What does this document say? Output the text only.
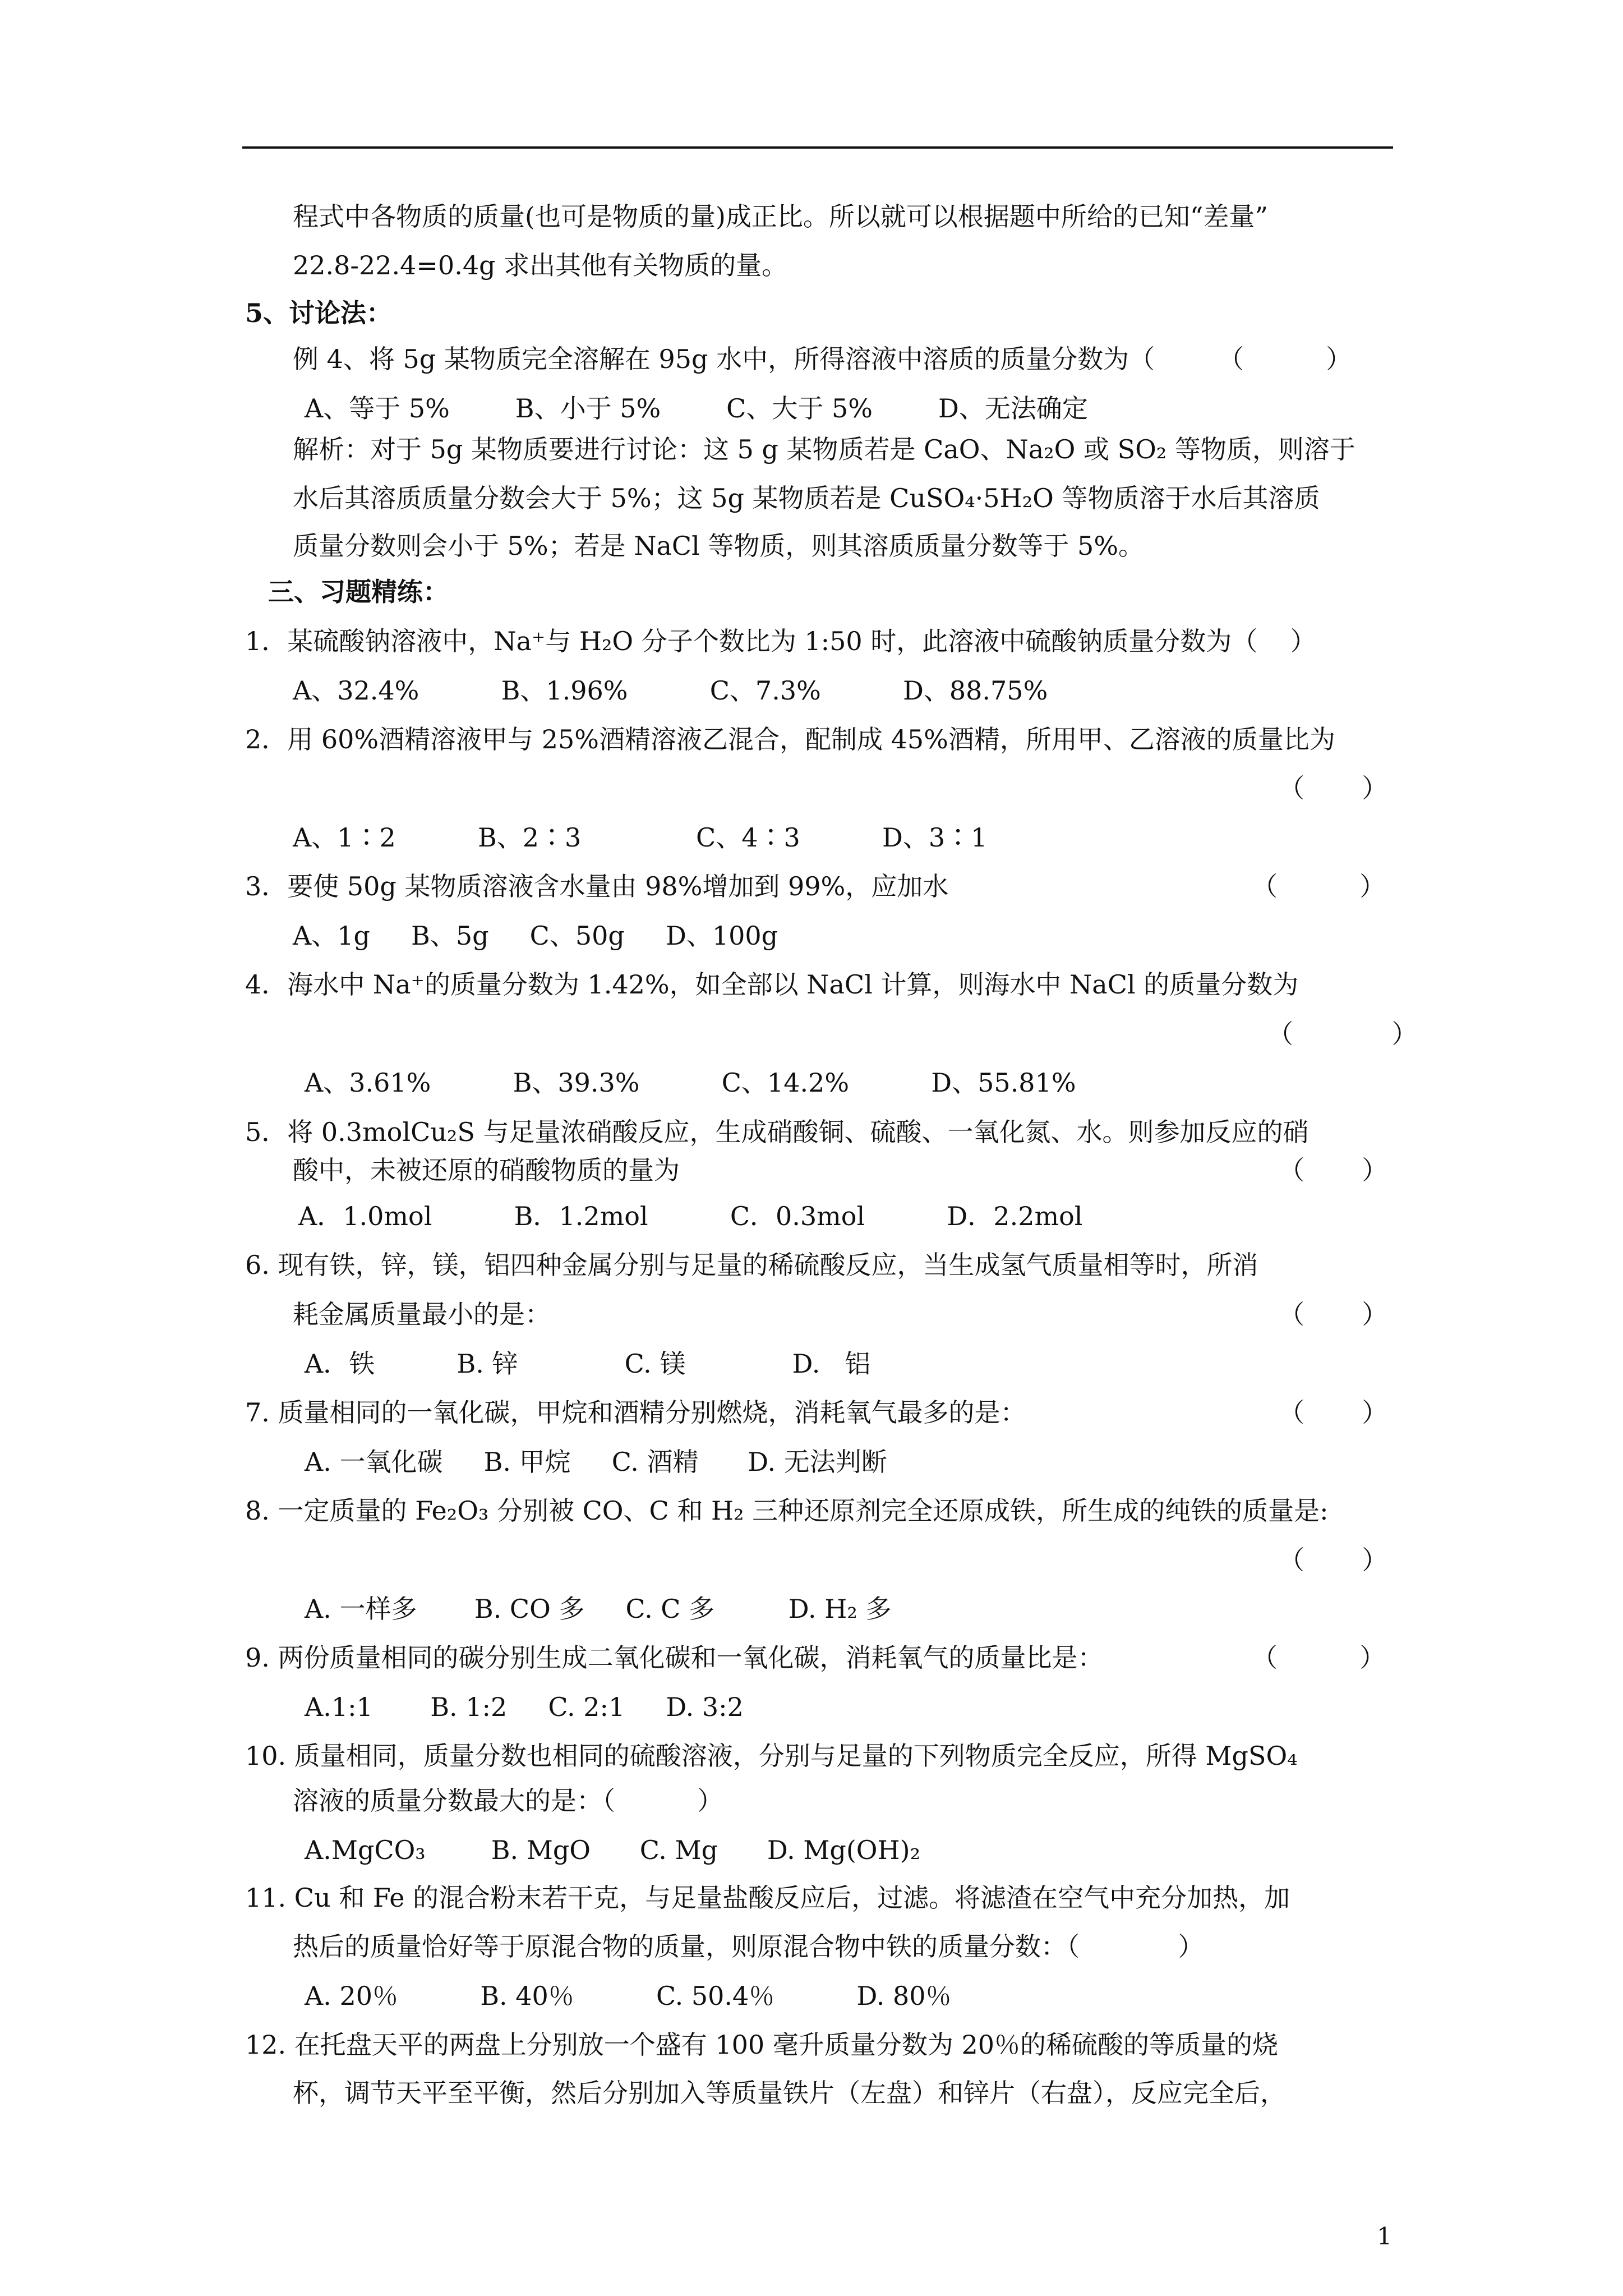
程式中各物质的质量(也可是物质的量)成正比。所以就可以根据题中所给的已知“差量”
22.8-22.4=0.4g 求出其他有关物质的量。
5、讨论法：
例 4、将 5g 某物质完全溶解在 95g 水中，所得溶液中溶质的质量分数为（
A、等于 5%        B、小于 5%        C、大于 5%        D、无法确定
解析：对于 5g 某物质要进行讨论：这 5 g 某物质若是 CaO、Na₂O 或 SO₂ 等物质，则溶于
水后其溶质质量分数会大于 5%；这 5g 某物质若是 CuSO₄·5H₂O 等物质溶于水后其溶质
质量分数则会小于 5%；若是 NaCl 等物质，则其溶质质量分数等于 5%。
三、习题精练：
1．某硫酸钠溶液中，Na⁺与 H₂O 分子个数比为 1:50 时，此溶液中硫酸钠质量分数为（    ）
A、32.4%          B、1.96%          C、7.3%          D、88.75%
2．用 60%酒精溶液甲与 25%酒精溶液乙混合，配制成 45%酒精，所用甲、乙溶液的质量比为
A、1∶2          B、2∶3              C、4∶3          D、3∶1
3．要使 50g 某物质溶液含水量由 98%增加到 99%，应加水
A、1g     B、5g     C、50g     D、100g
4．海水中 Na⁺的质量分数为 1.42%，如全部以 NaCl 计算，则海水中 NaCl 的质量分数为
A、3.61%          B、39.3%          C、14.2%          D、55.81%
5．将 0.3molCu₂S 与足量浓硝酸反应，生成硝酸铜、硫酸、一氧化氮、水。则参加反应的硝
酸中，未被还原的硝酸物质的量为
A．1.0mol          B．1.2mol          C．0.3mol          D．2.2mol
6. 现有铁，锌，镁，铝四种金属分别与足量的稀硫酸反应，当生成氢气质量相等时，所消
耗金属质量最小的是：
A．铁          B. 锌             C. 镁             D.   铝
7. 质量相同的一氧化碳，甲烷和酒精分别燃烧，消耗氧气最多的是：
A. 一氧化碳     B. 甲烷     C. 酒精      D. 无法判断
8. 一定质量的 Fe₂O₃ 分别被 CO、C 和 H₂ 三种还原剂完全还原成铁，所生成的纯铁的质量是:
A. 一样多       B. CO 多     C. C 多         D. H₂ 多
9. 两份质量相同的碳分别生成二氧化碳和一氧化碳，消耗氧气的质量比是：
A.1:1       B. 1:2     C. 2:1     D. 3:2
10. 质量相同，质量分数也相同的硫酸溶液，分别与足量的下列物质完全反应，所得 MgSO₄
溶液的质量分数最大的是：（          ）
A.MgCO₃        B. MgO      C. Mg      D. Mg(OH)₂
11. Cu 和 Fe 的混合粉末若干克，与足量盐酸反应后，过滤。将滤渣在空气中充分加热，加
热后的质量恰好等于原混合物的质量，则原混合物中铁的质量分数：（            ）
A. 20％          B. 40％          C. 50.4％          D. 80％
12. 在托盘天平的两盘上分别放一个盛有 100 毫升质量分数为 20％的稀硫酸的等质量的烧
杯，调节天平至平衡，然后分别加入等质量铁片（左盘）和锌片（右盘），反应完全后，
（          ）
（       ）
（          ）
（            ）
（       ）
（       ）
（       ）
（       ）
（          ）
1
